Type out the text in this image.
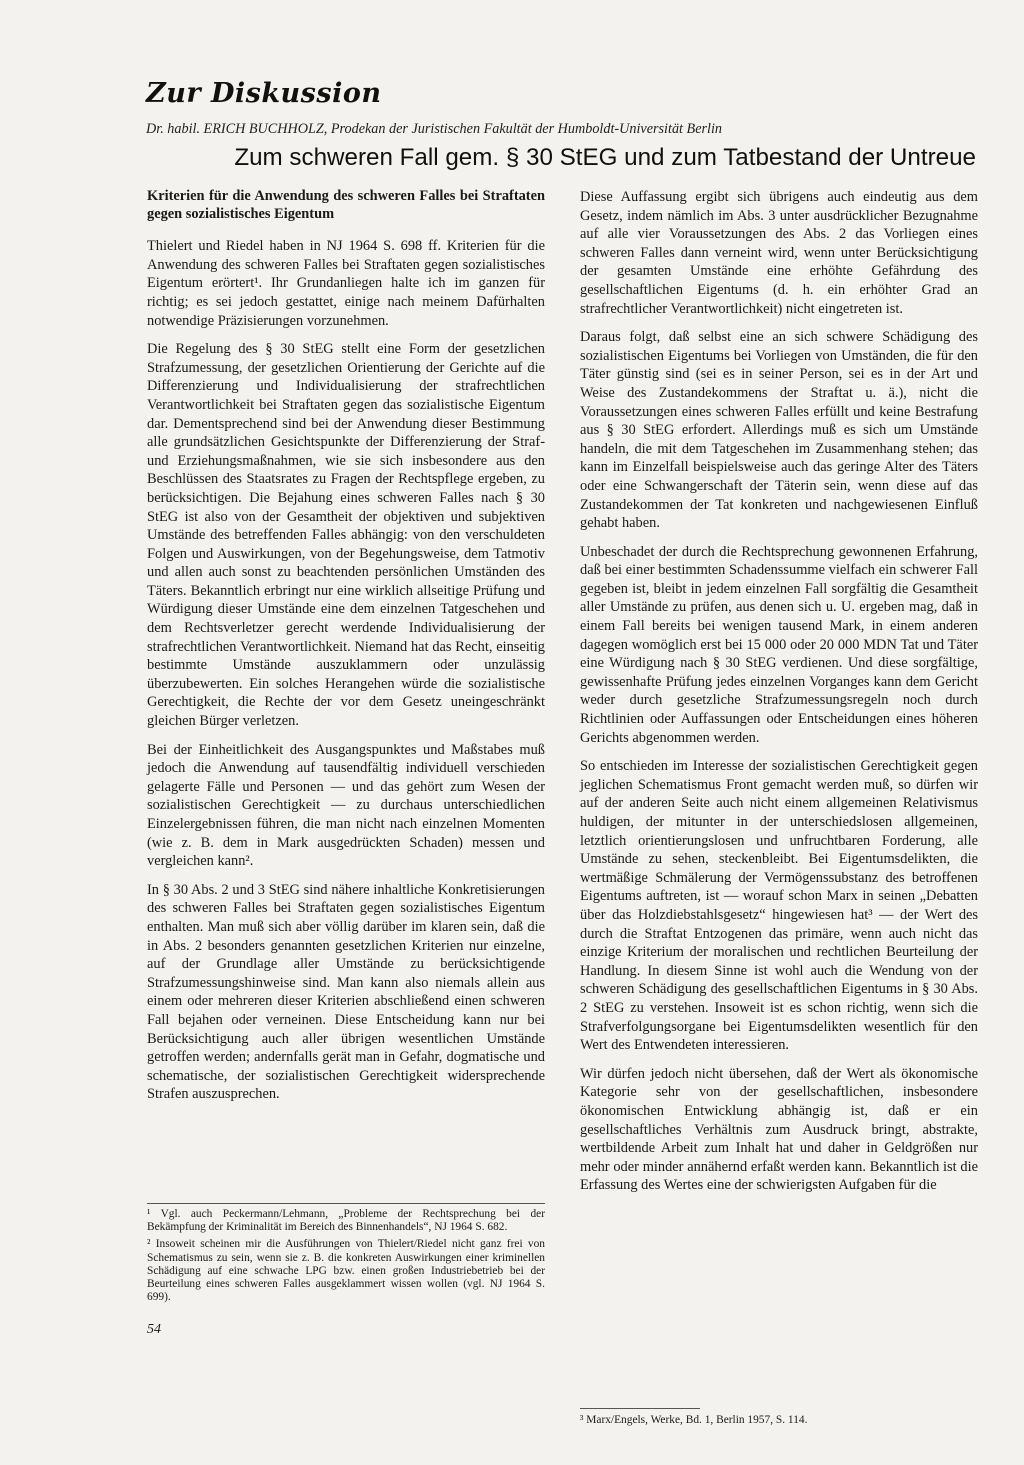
Zur Diskussion
Dr. habil. ERICH BUCHHOLZ, Prodekan der Juristischen Fakultät der Humboldt-Universität Berlin
Zum schweren Fall gem. § 30 StEG und zum Tatbestand der Untreue
Kriterien für die Anwendung des schweren Falles bei Straftaten gegen sozialistisches Eigentum

Thielert und Riedel haben in NJ 1964 S. 698 ff. Kriterien für die Anwendung des schweren Falles bei Straftaten gegen sozialistisches Eigentum erörtert¹. Ihr Grundanliegen halte ich im ganzen für richtig; es sei jedoch gestattet, einige nach meinem Dafürhalten notwendige Präzisierungen vorzunehmen.

Die Regelung des § 30 StEG stellt eine Form der gesetzlichen Strafzumessung, der gesetzlichen Orientierung der Gerichte auf die Differenzierung und Individualisierung der strafrechtlichen Verantwortlichkeit bei Straftaten gegen das sozialistische Eigentum dar. Dementsprechend sind bei der Anwendung dieser Bestimmung alle grundsätzlichen Gesichtspunkte der Differenzierung der Straf- und Erziehungsmaßnahmen, wie sie sich insbesondere aus den Beschlüssen des Staatsrates zu Fragen der Rechtspflege ergeben, zu berücksichtigen. Die Bejahung eines schweren Falles nach § 30 StEG ist also von der Gesamtheit der objektiven und subjektiven Umstände des betreffenden Falles abhängig: von den verschuldeten Folgen und Auswirkungen, von der Begehungsweise, dem Tatmotiv und allen auch sonst zu beachtenden persönlichen Umständen des Täters. Bekanntlich erbringt nur eine wirklich allseitige Prüfung und Würdigung dieser Umstände eine dem einzelnen Tatgeschehen und dem Rechtsverletzer gerecht werdende Individualisierung der strafrechtlichen Verantwortlichkeit. Niemand hat das Recht, einseitig bestimmte Umstände auszuklammern oder unzulässig überzubewerten. Ein solches Herangehen würde die sozialistische Gerechtigkeit, die Rechte der vor dem Gesetz uneingeschränkt gleichen Bürger verletzen.

Bei der Einheitlichkeit des Ausgangspunktes und Maßstabes muß jedoch die Anwendung auf tausendfältig individuell verschieden gelagerte Fälle und Personen — und das gehört zum Wesen der sozialistischen Gerechtigkeit — zu durchaus unterschiedlichen Einzelergebnissen führen, die man nicht nach einzelnen Momenten (wie z. B. dem in Mark ausgedrückten Schaden) messen und vergleichen kann².

In § 30 Abs. 2 und 3 StEG sind nähere inhaltliche Konkretisierungen des schweren Falles bei Straftaten gegen sozialistisches Eigentum enthalten. Man muß sich aber völlig darüber im klaren sein, daß die in Abs. 2 besonders genannten gesetzlichen Kriterien nur einzelne, auf der Grundlage aller Umstände zu berücksichtigende Strafzumessungshinweise sind. Man kann also niemals allein aus einem oder mehreren dieser Kriterien abschließend einen schweren Fall bejahen oder verneinen. Diese Entscheidung kann nur bei Berücksichtigung auch aller übrigen wesentlichen Umstände getroffen werden; andernfalls gerät man in Gefahr, dogmatische und schematische, der sozialistischen Gerechtigkeit widersprechende Strafen auszusprechen.

Diese Auffassung ergibt sich übrigens auch eindeutig aus dem Gesetz, indem nämlich im Abs. 3 unter ausdrücklicher Bezugnahme auf alle vier Voraussetzungen des Abs. 2 das Vorliegen eines schweren Falles dann verneint wird, wenn unter Berücksichtigung der gesamten Umstände eine erhöhte Gefährdung des gesellschaftlichen Eigentums (d. h. ein erhöhter Grad an strafrechtlicher Verantwortlichkeit) nicht eingetreten ist.

Daraus folgt, daß selbst eine an sich schwere Schädigung des sozialistischen Eigentums bei Vorliegen von Umständen, die für den Täter günstig sind (sei es in seiner Person, sei es in der Art und Weise des Zustandekommens der Straftat u. ä.), nicht die Voraussetzungen eines schweren Falles erfüllt und keine Bestrafung aus § 30 StEG erfordert. Allerdings muß es sich um Umstände handeln, die mit dem Tatgeschehen im Zusammenhang stehen; das kann im Einzelfall beispielsweise auch das geringe Alter des Täters oder eine Schwangerschaft der Täterin sein, wenn diese auf das Zustandekommen der Tat konkreten und nachgewiesenen Einfluß gehabt haben.

Unbeschadet der durch die Rechtsprechung gewonnenen Erfahrung, daß bei einer bestimmten Schadenssumme vielfach ein schwerer Fall gegeben ist, bleibt in jedem einzelnen Fall sorgfältig die Gesamtheit aller Umstände zu prüfen, aus denen sich u. U. ergeben mag, daß in einem Fall bereits bei wenigen tausend Mark, in einem anderen dagegen womöglich erst bei 15 000 oder 20 000 MDN Tat und Täter eine Würdigung nach § 30 StEG verdienen. Und diese sorgfältige, gewissenhafte Prüfung jedes einzelnen Vorganges kann dem Gericht weder durch gesetzliche Strafzumessungsregeln noch durch Richtlinien oder Auffassungen oder Entscheidungen eines höheren Gerichts abgenommen werden.

So entschieden im Interesse der sozialistischen Gerechtigkeit gegen jeglichen Schematismus Front gemacht werden muß, so dürfen wir auf der anderen Seite auch nicht einem allgemeinen Relativismus huldigen, der mitunter in der unterschiedslosen allgemeinen, letztlich orientierungslosen und unfruchtbaren Forderung, alle Umstände zu sehen, steckenbleibt. Bei Eigentumsdelikten, die wertmäßige Schmälerung der Vermögenssubstanz des betroffenen Eigentums auftreten, ist — worauf schon Marx in seinen „Debatten über das Holzdiebstahlsgesetz“ hingewiesen hat³ — der Wert des durch die Straftat Entzogenen das primäre, wenn auch nicht das einzige Kriterium der moralischen und rechtlichen Beurteilung der Handlung. In diesem Sinne ist wohl auch die Wendung von der schweren Schädigung des gesellschaftlichen Eigentums in § 30 Abs. 2 StEG zu verstehen. Insoweit ist es schon richtig, wenn sich die Strafverfolgungsorgane bei Eigentumsdelikten wesentlich für den Wert des Entwendeten interessieren.

Wir dürfen jedoch nicht übersehen, daß der Wert als ökonomische Kategorie sehr von der gesellschaftlichen, insbesondere ökonomischen Entwicklung abhängig ist, daß er ein gesellschaftliches Verhältnis zum Ausdruck bringt, abstrakte, wertbildende Arbeit zum Inhalt hat und daher in Geldgrößen nur mehr oder minder annähernd erfaßt werden kann. Bekanntlich ist die Erfassung des Wertes eine der schwierigsten Aufgaben für die

¹ Vgl. auch Peckermann/Lehmann, „Probleme der Rechtsprechung bei der Bekämpfung der Kriminalität im Bereich des Binnenhandels“, NJ 1964 S. 682.

² Insoweit scheinen mir die Ausführungen von Thielert/Riedel nicht ganz frei von Schematismus zu sein, wenn sie z. B. die konkreten Auswirkungen einer kriminellen Schädigung auf eine schwache LPG bzw. einen großen Industriebetrieb bei der Beurteilung eines schweren Falles ausgeklammert wissen wollen (vgl. NJ 1964 S. 699).

³ Marx/Engels, Werke, Bd. 1, Berlin 1957, S. 114.
54
